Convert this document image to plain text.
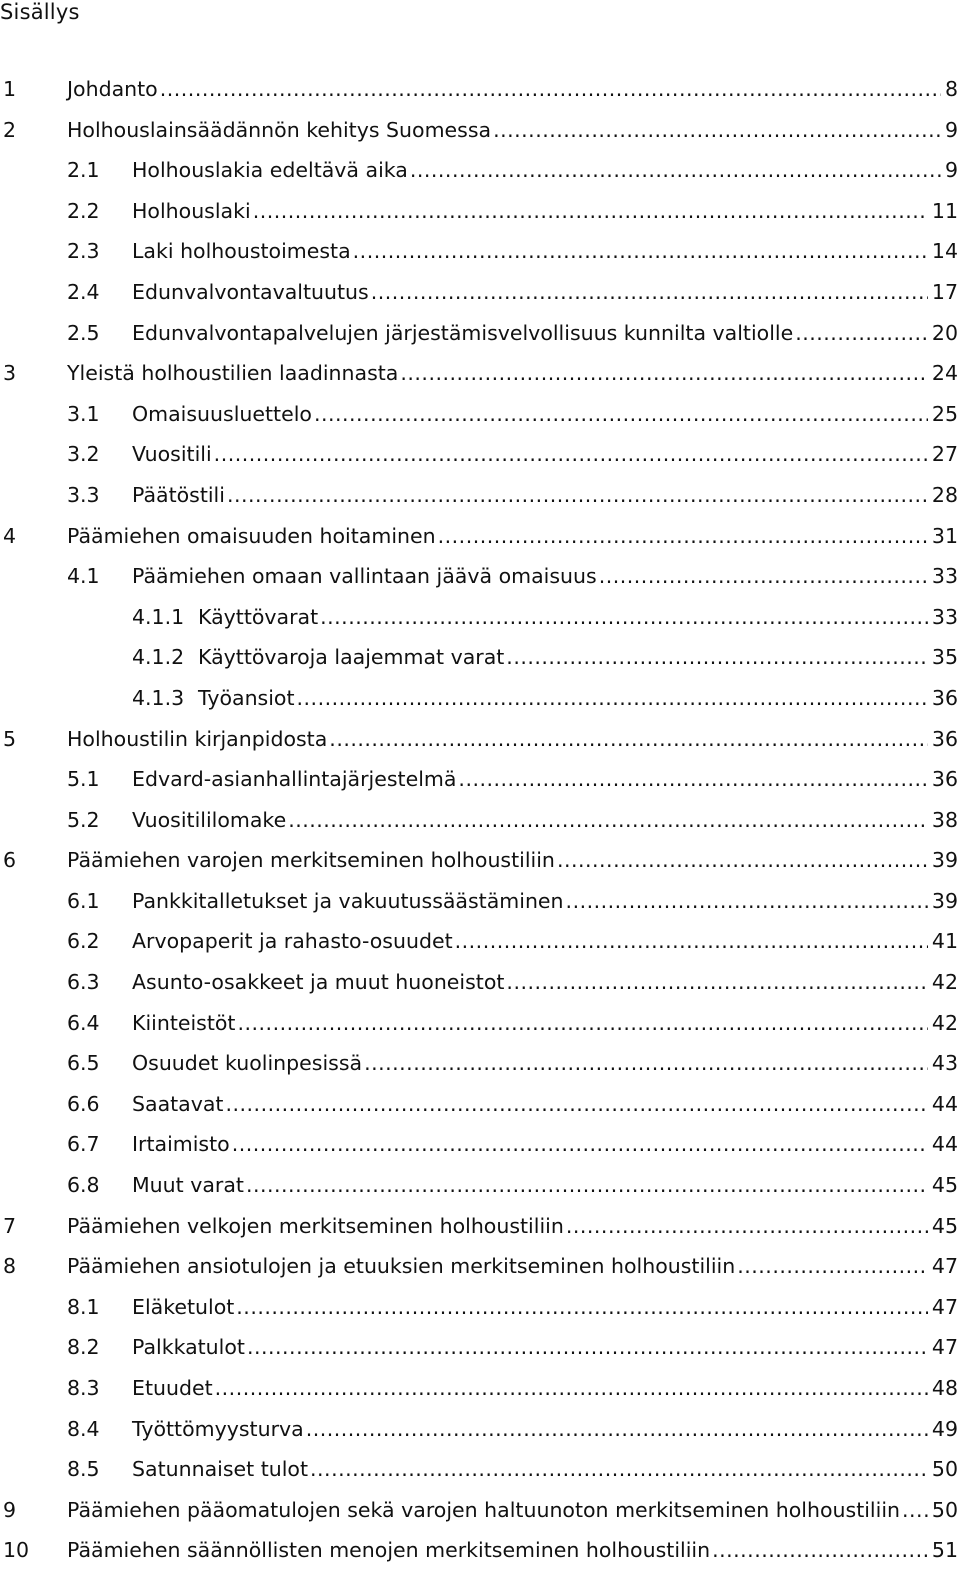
Sisällys
1 Johdanto .....	8
2 Holhouslainsäädännön kehitys Suomessa .....	9
2.1 Holhouslakia edeltävä aika .....	9
2.2 Holhouslaki .....	11
2.3 Laki holhoustoimesta .....	14
2.4 Edunvalvontavaltuutus .....	17
2.5 Edunvalvontapalvelujen järjestämisvelvollisuus kunnilta valtiolle .....	20
3 Yleistä holhoustilien laadinnasta .....	24
3.1 Omaisuusluettelo .....	25
3.2 Vuositili .....	27
3.3 Päätöstili .....	28
4 Päämiehen omaisuuden hoitaminen .....	31
4.1 Päämiehen omaan vallintaan jäävä omaisuus .....	33
4.1.1 Käyttövarat .....	33
4.1.2 Käyttövaroja laajemmat varat .....	35
4.1.3 Työansiot .....	36
5 Holhoustilin kirjanpidosta .....	36
5.1 Edvard-asianhallintajärjestelmä .....	36
5.2 Vuositililomake .....	38
6 Päämiehen varojen merkitseminen holhoustiliin .....	39
6.1 Pankkitalletukset ja vakuutussäästäminen .....	39
6.2 Arvopaperit ja rahasto-osuudet .....	41
6.3 Asunto-osakkeet ja muut huoneistot .....	42
6.4 Kiinteistöt .....	42
6.5 Osuudet kuolinpesissä .....	43
6.6 Saatavat .....	44
6.7 Irtaimisto .....	44
6.8 Muut varat .....	45
7 Päämiehen velkojen merkitseminen holhoustiliin .....	45
8 Päämiehen ansiotulojen ja etuuksien merkitseminen holhoustiliin .....	47
8.1 Eläketulot .....	47
8.2 Palkkatulot .....	47
8.3 Etuudet .....	48
8.4 Työttömyysturva .....	49
8.5 Satunnaiset tulot .....	50
9 Päämiehen pääomatulojen sekä varojen haltuunoton merkitseminen holhoustiliin ..... 50
10 Päämiehen säännöllisten menojen merkitseminen holhoustiliin .....	51
